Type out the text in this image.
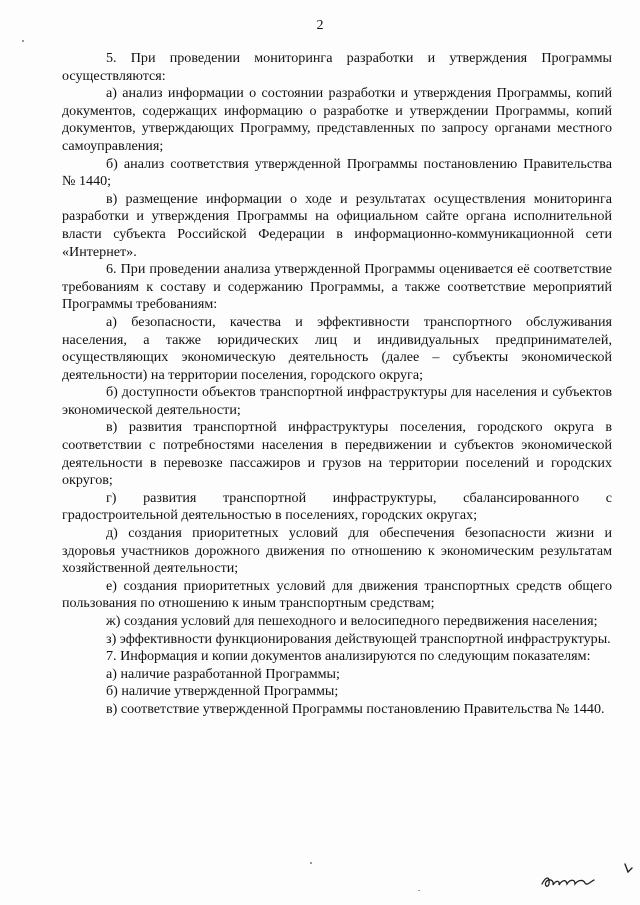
2

5. При проведении мониторинга разработки и утверждения Программы осуществляются:

а) анализ информации о состоянии разработки и утверждения Программы, копий документов, содержащих информацию о разработке и утверждении Программы, копий документов, утверждающих Программу, представленных по запросу органами местного самоуправления;

б) анализ соответствия утвержденной Программы постановлению Правительства № 1440;

в) размещение информации о ходе и результатах осуществления мониторинга разработки и утверждения Программы на официальном сайте органа исполнительной власти субъекта Российской Федерации в информационно-коммуникационной сети «Интернет».

6. При проведении анализа утвержденной Программы оценивается её соответствие требованиям к составу и содержанию Программы, а также соответствие мероприятий Программы требованиям:

а) безопасности, качества и эффективности транспортного обслуживания населения, а также юридических лиц и индивидуальных предпринимателей, осуществляющих экономическую деятельность (далее – субъекты экономической деятельности) на территории поселения, городского округа;

б) доступности объектов транспортной инфраструктуры для населения и субъектов экономической деятельности;

в) развития транспортной инфраструктуры поселения, городского округа в соответствии с потребностями населения в передвижении и субъектов экономической деятельности в перевозке пассажиров и грузов на территории поселений и городских округов;

г) развития транспортной инфраструктуры, сбалансированного с градостроительной деятельностью в поселениях, городских округах;

д) создания приоритетных условий для обеспечения безопасности жизни и здоровья участников дорожного движения по отношению к экономическим результатам хозяйственной деятельности;

е) создания приоритетных условий для движения транспортных средств общего пользования по отношению к иным транспортным средствам;

ж) создания условий для пешеходного и велосипедного передвижения населения;

з) эффективности функционирования действующей транспортной инфраструктуры.

7. Информация и копии документов анализируются по следующим показателям:

а) наличие разработанной Программы;

б) наличие утвержденной Программы;

в) соответствие утвержденной Программы постановлению Правительства № 1440.
